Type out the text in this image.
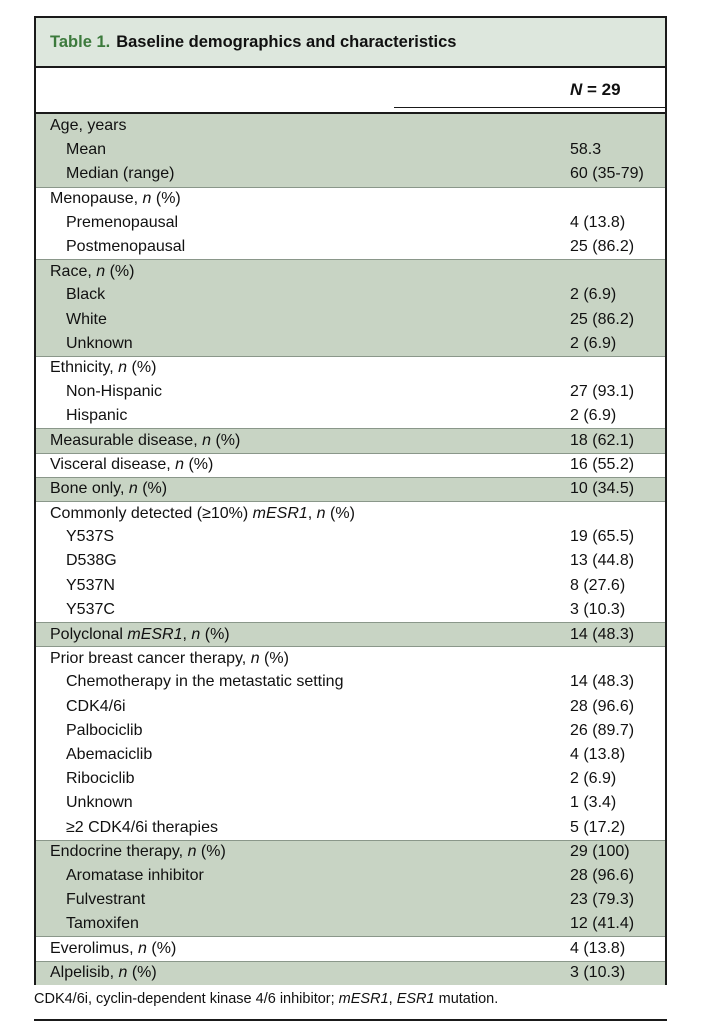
Table 1. Baseline demographics and characteristics
N = 29
Age, years
Mean	58.3
Median (range)	60 (35-79)
Menopause, n (%)
Premenopausal	4 (13.8)
Postmenopausal	25 (86.2)
Race, n (%)
Black	2 (6.9)
White	25 (86.2)
Unknown	2 (6.9)
Ethnicity, n (%)
Non-Hispanic	27 (93.1)
Hispanic	2 (6.9)
Measurable disease, n (%)	18 (62.1)
Visceral disease, n (%)	16 (55.2)
Bone only, n (%)	10 (34.5)
Commonly detected (≥10%) mESR1, n (%)
Y537S	19 (65.5)
D538G	13 (44.8)
Y537N	8 (27.6)
Y537C	3 (10.3)
Polyclonal mESR1, n (%)	14 (48.3)
Prior breast cancer therapy, n (%)
Chemotherapy in the metastatic setting	14 (48.3)
CDK4/6i	28 (96.6)
Palbociclib	26 (89.7)
Abemaciclib	4 (13.8)
Ribociclib	2 (6.9)
Unknown	1 (3.4)
≥2 CDK4/6i therapies	5 (17.2)
Endocrine therapy, n (%)	29 (100)
Aromatase inhibitor	28 (96.6)
Fulvestrant	23 (79.3)
Tamoxifen	12 (41.4)
Everolimus, n (%)	4 (13.8)
Alpelisib, n (%)	3 (10.3)
CDK4/6i, cyclin-dependent kinase 4/6 inhibitor; mESR1, ESR1 mutation.
